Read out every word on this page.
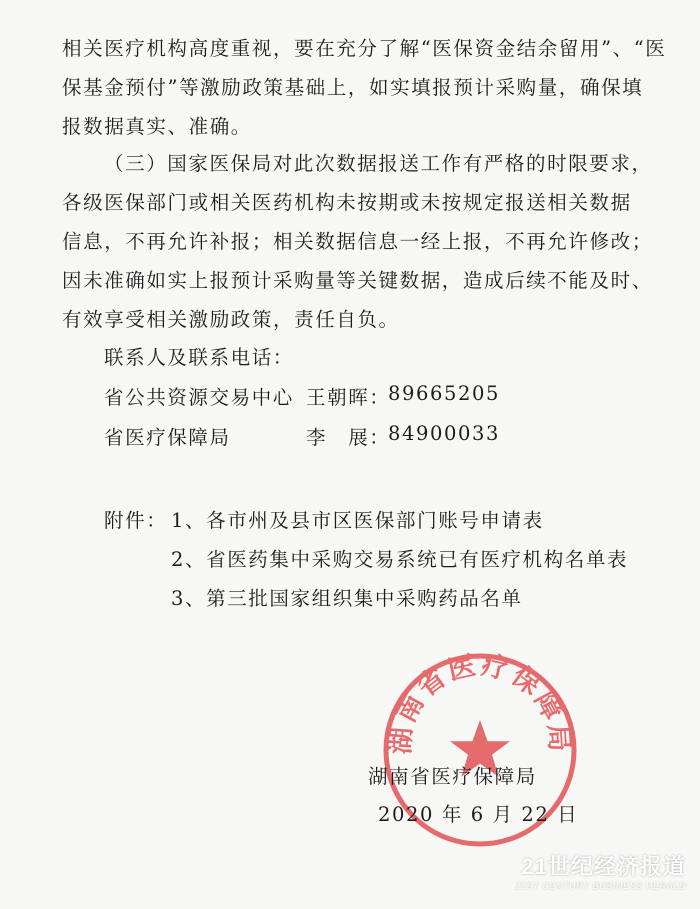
相关医疗机构高度重视，要在充分了解“医保资金结余留用”、“医
保基金预付”等激励政策基础上，如实填报预计采购量，确保填
报数据真实、准确。

（三）国家医保局对此次数据报送工作有严格的时限要求，
各级医保部门或相关医药机构未按期或未按规定报送相关数据
信息，不再允许补报；相关数据信息一经上报，不再允许修改；
因未准确如实上报预计采购量等关键数据，造成后续不能及时、
有效享受相关激励政策，责任自负。

联系人及联系电话：
省公共资源交易中心 王朝晖：
89665205
省医疗保障局	李　展：
84900033
附件： 1、各市州及县市区医保部门账号申请表
2、省医药集中采购交易系统已有医疗机构名单表
3、第三批国家组织集中采购药品名单
湖南省医疗保障局
湖南省医疗保障局
2020 年 6 月 22 日
21世纪经济报道
21ST CENTURY BUSINESS HERALD
